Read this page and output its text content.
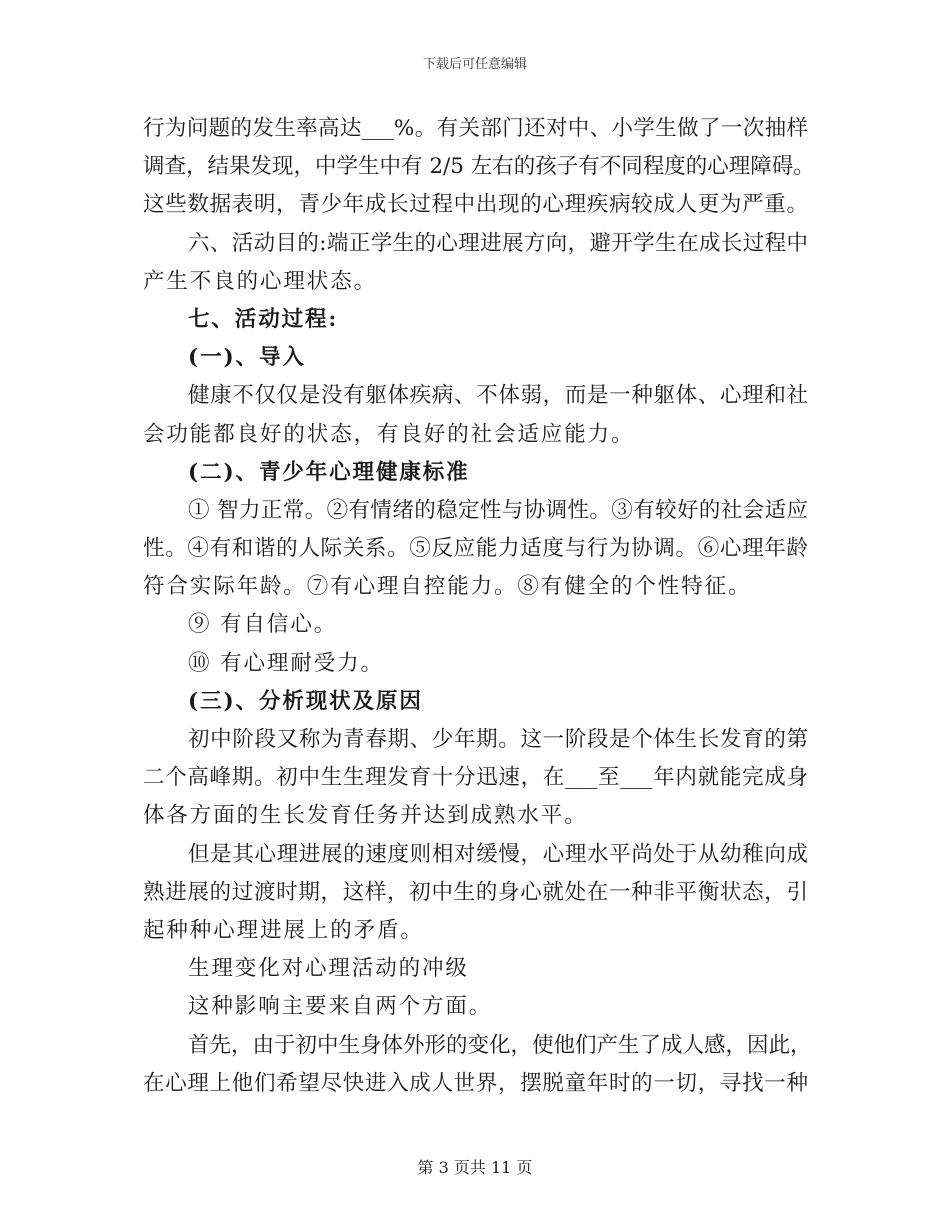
下载后可任意编辑
行为问题的发生率高达___%。有关部门还对中、小学生做了一次抽样
调查，结果发现，中学生中有 2/5 左右的孩子有不同程度的心理障碍。
这些数据表明，青少年成长过程中出现的心理疾病较成人更为严重。
六、活动目的:端正学生的心理进展方向，避开学生在成长过程中
产生不良的心理状态。
七、活动过程:
(一)、导入
健康不仅仅是没有躯体疾病、不体弱，而是一种躯体、心理和社
会功能都良好的状态，有良好的社会适应能力。
(二)、青少年心理健康标准
① 智力正常。②有情绪的稳定性与协调性。③有较好的社会适应
性。④有和谐的人际关系。⑤反应能力适度与行为协调。⑥心理年龄
符合实际年龄。⑦有心理自控能力。⑧有健全的个性特征。
⑨ 有自信心。
⑩ 有心理耐受力。
(三)、分析现状及原因
初中阶段又称为青春期、少年期。这一阶段是个体生长发育的第
二个高峰期。初中生生理发育十分迅速，在___至___年内就能完成身
体各方面的生长发育任务并达到成熟水平。
但是其心理进展的速度则相对缓慢，心理水平尚处于从幼稚向成
熟进展的过渡时期，这样，初中生的身心就处在一种非平衡状态，引
起种种心理进展上的矛盾。
生理变化对心理活动的冲级
这种影响主要来自两个方面。
首先，由于初中生身体外形的变化，使他们产生了成人感，因此，
在心理上他们希望尽快进入成人世界，摆脱童年时的一切，寻找一种
第 3 页共 11 页
